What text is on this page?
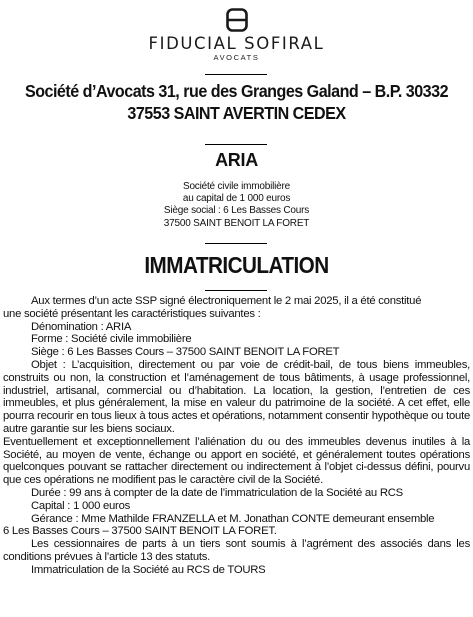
FIDUCIAL SOFIRAL
AVOCATS
Société d’Avocats 31, rue des Granges Galand – B.P. 30332
37553 SAINT AVERTIN CEDEX
ARIA
Société civile immobilière
au capital de 1 000 euros
Siège social : 6 Les Basses Cours
37500 SAINT BENOIT LA FORET
IMMATRICULATION

Aux termes d’un acte SSP signé électroniquement le 2 mai 2025, il a été constitué

une société présentant les caractéristiques suivantes :

Dénomination : ARIA

Forme : Société civile immobilière

Siège : 6 Les Basses Cours – 37500 SAINT BENOIT LA FORET

Objet : L’acquisition, directement ou par voie de crédit-bail, de tous biens immeubles, construits ou non, la construction et l’aménagement de tous bâtiments, à usage professionnel, industriel, artisanal, commercial ou d’habitation. La location, la gestion, l’entretien de ces immeubles, et plus généralement, la mise en valeur du patrimoine de la société. A cet effet, elle pourra recourir en tous lieux à tous actes et opérations, notamment consentir hypothèque ou toute autre garantie sur les biens sociaux.

Eventuellement et exceptionnellement l’aliénation du ou des immeubles devenus inutiles à la Société, au moyen de vente, échange ou apport en société, et généralement toutes opérations quelconques pouvant se rattacher directement ou indirectement à l’objet ci-dessus défini, pourvu que ces opérations ne modifient pas le caractère civil de la Société.

Durée : 99 ans à compter de la date de l’immatriculation de la Société au RCS

Capital : 1 000 euros

Gérance : Mme Mathilde FRANZELLA et M. Jonathan CONTE demeurant ensemble

6 Les Basses Cours – 37500 SAINT BENOIT LA FORET.

Les cessionnaires de parts à un tiers sont soumis à l’agrément des associés dans les conditions prévues à l’article 13 des statuts.

Immatriculation de la Société au RCS de TOURS
